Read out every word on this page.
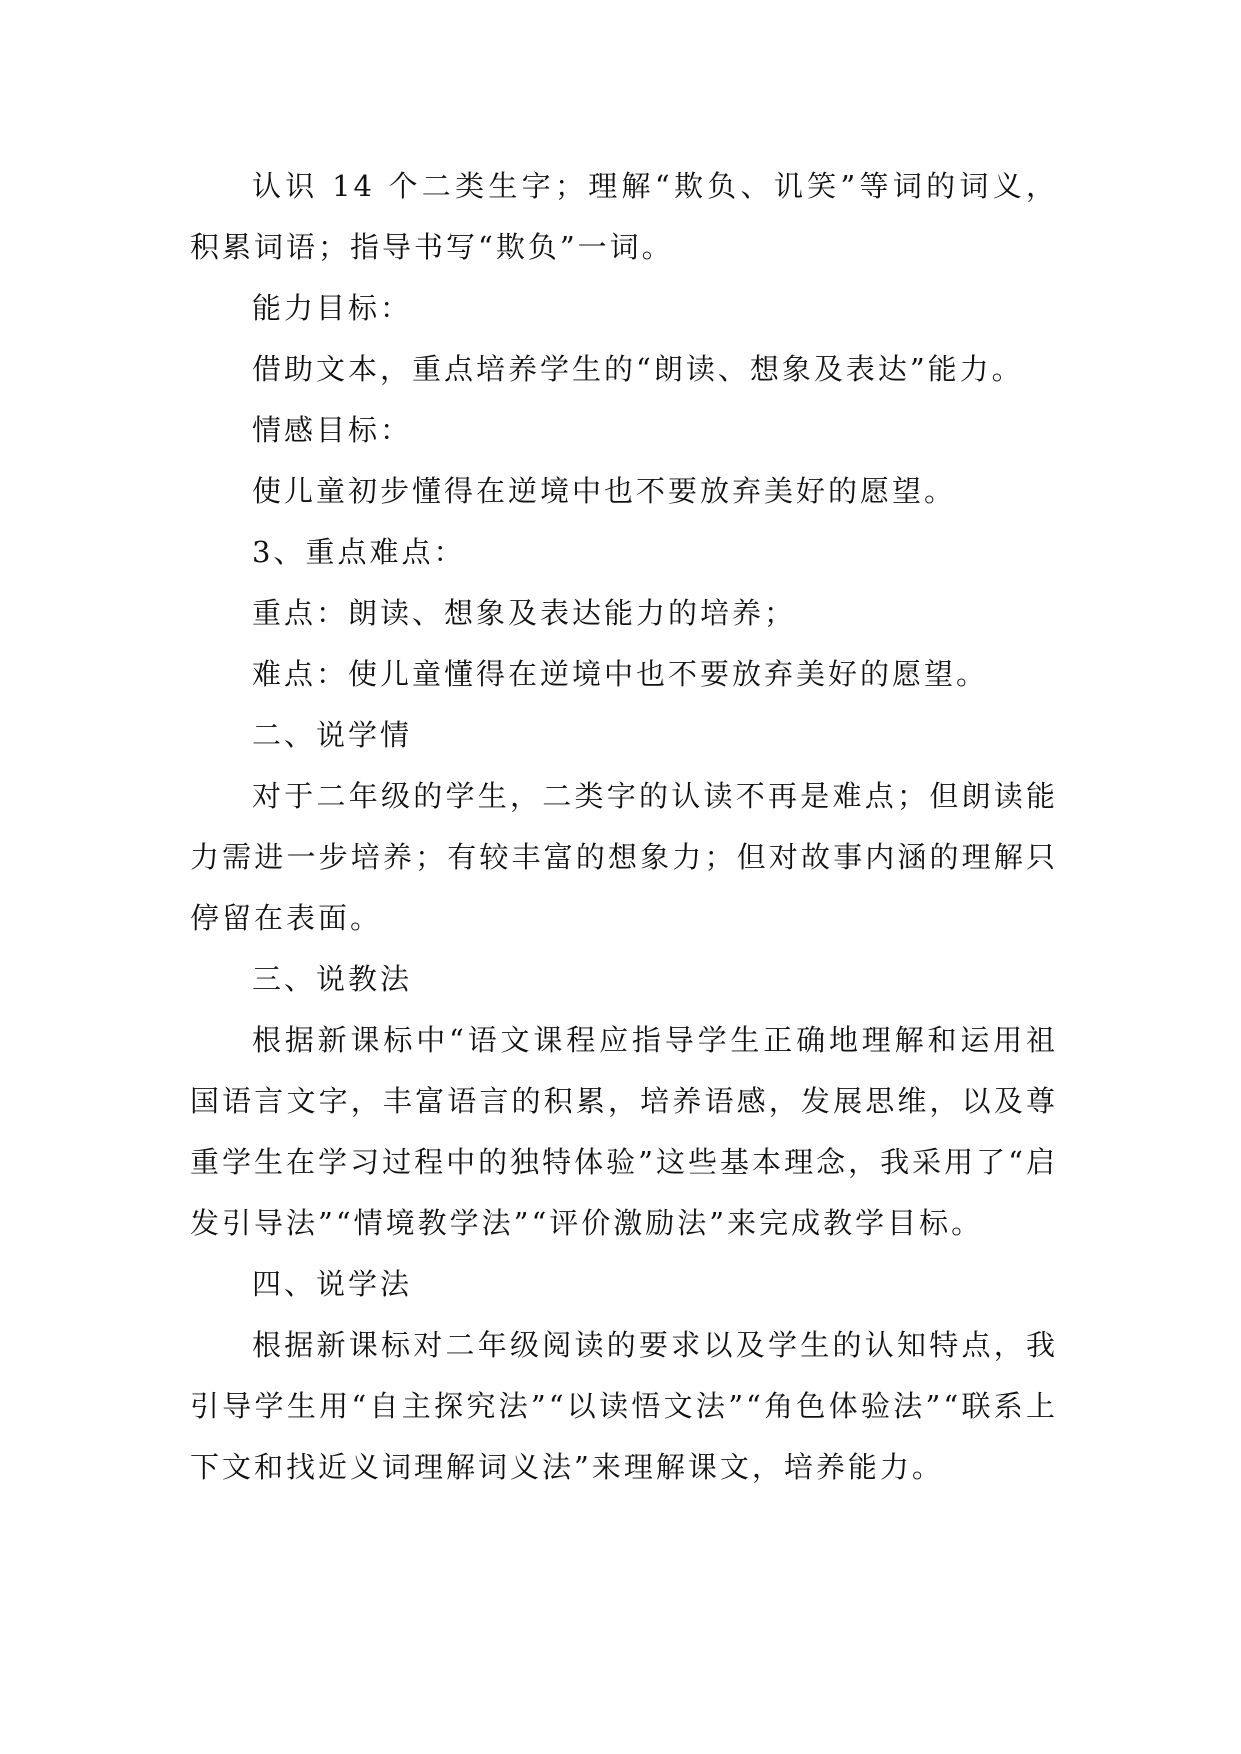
认识 14 个二类生字；理解“欺负、讥笑”等词的词义，积累词语；指导书写“欺负”一词。

能力目标：

借助文本，重点培养学生的“朗读、想象及表达”能力。

情感目标：

使儿童初步懂得在逆境中也不要放弃美好的愿望。

3、重点难点：

重点：朗读、想象及表达能力的培养；

难点：使儿童懂得在逆境中也不要放弃美好的愿望。

二、说学情

对于二年级的学生，二类字的认读不再是难点；但朗读能力需进一步培养；有较丰富的想象力；但对故事内涵的理解只停留在表面。

三、说教法

根据新课标中“语文课程应指导学生正确地理解和运用祖国语言文字，丰富语言的积累，培养语感，发展思维，以及尊重学生在学习过程中的独特体验”这些基本理念，我采用了“启发引导法”“情境教学法”“评价激励法”来完成教学目标。

四、说学法

根据新课标对二年级阅读的要求以及学生的认知特点，我引导学生用“自主探究法”“以读悟文法”“角色体验法”“联系上下文和找近义词理解词义法”来理解课文，培养能力。
